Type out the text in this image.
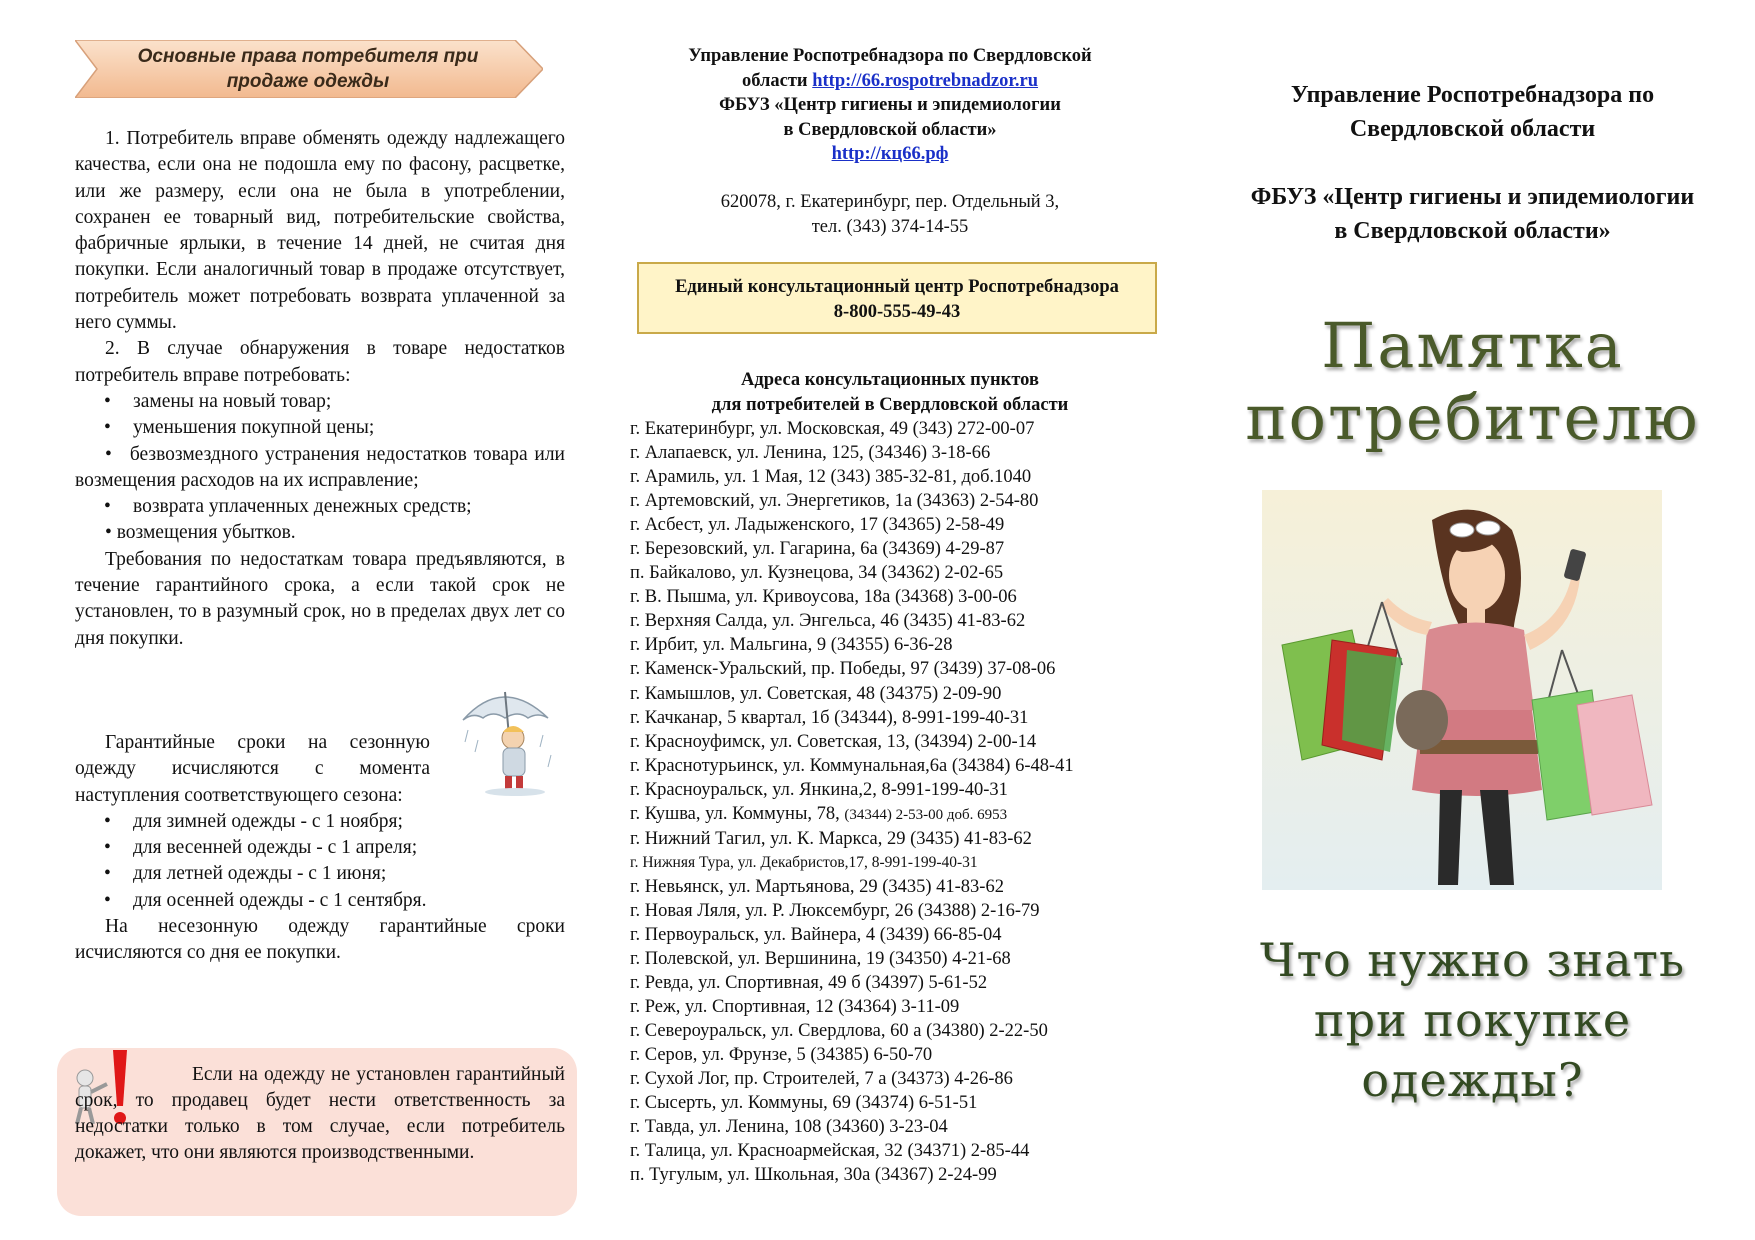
Основные права потребителя при продаже одежды

1. Потребитель вправе обменять одежду надлежащего качества, если она не подошла ему по фасону, расцветке, или же размеру, если она не была в употреблении, сохранен ее товарный вид, потребительские свойства, фабричные ярлыки, в течение 14 дней, не считая дня покупки. Если аналогичный товар в продаже отсутствует, потребитель может потребовать возврата уплаченной за него суммы.

2. В случае обнаружения в товаре недостатков потребитель вправе потребовать:

• замены на новый товар;
• уменьшения покупной цены;
• безвозмездного устранения недостатков товара или возмещения расходов на их исправление;
• возврата уплаченных денежных средств;

• возмещения убытков.

Требования по недостаткам товара предъявляются, в течение гарантийного срока, а если такой срок не установлен, то в разумный срок, но в пределах двух лет со дня покупки.

Гарантийные сроки на сезонную одежду исчисляются с момента наступления соответствующего сезона:

• для зимней одежды - с 1 ноября;
• для весенней одежды - с 1 апреля;
• для летней одежды - с 1 июня;
• для осенней одежды - с 1 сентября.

На несезонную одежду гарантийные сроки исчисляются со дня ее покупки.

Если на одежду не установлен гарантийный срок, то продавец будет нести ответственность за недостатки только в том случае, если потребитель докажет, что они являются производственными.

Управление Роспотребнадзора по Свердловской
области http://66.rospotrebnadzor.ru
ФБУЗ «Центр гигиены и эпидемиологии
в Свердловской области»
http://кц66.рф
620078, г. Екатеринбург, пер. Отдельный 3,
тел. (343) 374-14-55
Единый консультационный центр Роспотребнадзора
8-800-555-49-43
Адреса консультационных пунктов
для потребителей в Свердловской области
г. Екатеринбург, ул. Московская, 49 (343) 272-00-07
г. Алапаевск, ул. Ленина, 125, (34346) 3-18-66
г. Арамиль, ул. 1 Мая, 12 (343) 385-32-81, доб.1040
г. Артемовский, ул. Энергетиков, 1а (34363) 2-54-80
г. Асбест, ул. Ладыженского, 17 (34365) 2-58-49
г. Березовский, ул. Гагарина, 6а (34369) 4-29-87
п. Байкалово, ул. Кузнецова, 34 (34362) 2-02-65
г. В. Пышма, ул. Кривоусова, 18а (34368) 3-00-06
г. Верхняя Салда, ул. Энгельса, 46 (3435) 41-83-62
г. Ирбит, ул. Мальгина, 9 (34355) 6-36-28
г. Каменск-Уральский, пр. Победы, 97 (3439) 37-08-06
г. Камышлов, ул. Советская, 48 (34375) 2-09-90
г. Качканар, 5 квартал, 1б (34344), 8-991-199-40-31
г. Красноуфимск, ул. Советская, 13, (34394) 2-00-14
г. Краснотурьинск, ул. Коммунальная,6а (34384) 6-48-41
г. Красноуральск, ул. Янкина,2, 8-991-199-40-31
г. Кушва, ул. Коммуны, 78, (34344) 2-53-00 доб. 6953
г. Нижний Тагил, ул. К. Маркса, 29 (3435) 41-83-62
г. Нижняя Тура, ул. Декабристов,17, 8-991-199-40-31
г. Невьянск, ул. Мартьянова, 29 (3435) 41-83-62
г. Новая Ляля, ул. Р. Люксембург, 26 (34388) 2-16-79
г. Первоуральск, ул. Вайнера, 4 (3439) 66-85-04
г. Полевской, ул. Вершинина, 19 (34350) 4-21-68
г. Ревда, ул. Спортивная, 49 б (34397) 5-61-52
г. Реж, ул. Спортивная, 12 (34364) 3-11-09
г. Североуральск, ул. Свердлова, 60 а (34380) 2-22-50
г. Серов, ул. Фрунзе, 5 (34385) 6-50-70
г. Сухой Лог, пр. Строителей, 7 а (34373) 4-26-86
г. Сысерть, ул. Коммуны, 69 (34374) 6-51-51
г. Тавда, ул. Ленина, 108 (34360) 3-23-04
г. Талица, ул. Красноармейская, 32 (34371) 2-85-44
п. Тугулым, ул. Школьная, 30а (34367) 2-24-99
Управление Роспотребнадзора по Свердловской области
ФБУЗ «Центр гигиены и эпидемиологии в Свердловской области»
Памятка
потребителю
Что нужно знать
при покупке
одежды?
